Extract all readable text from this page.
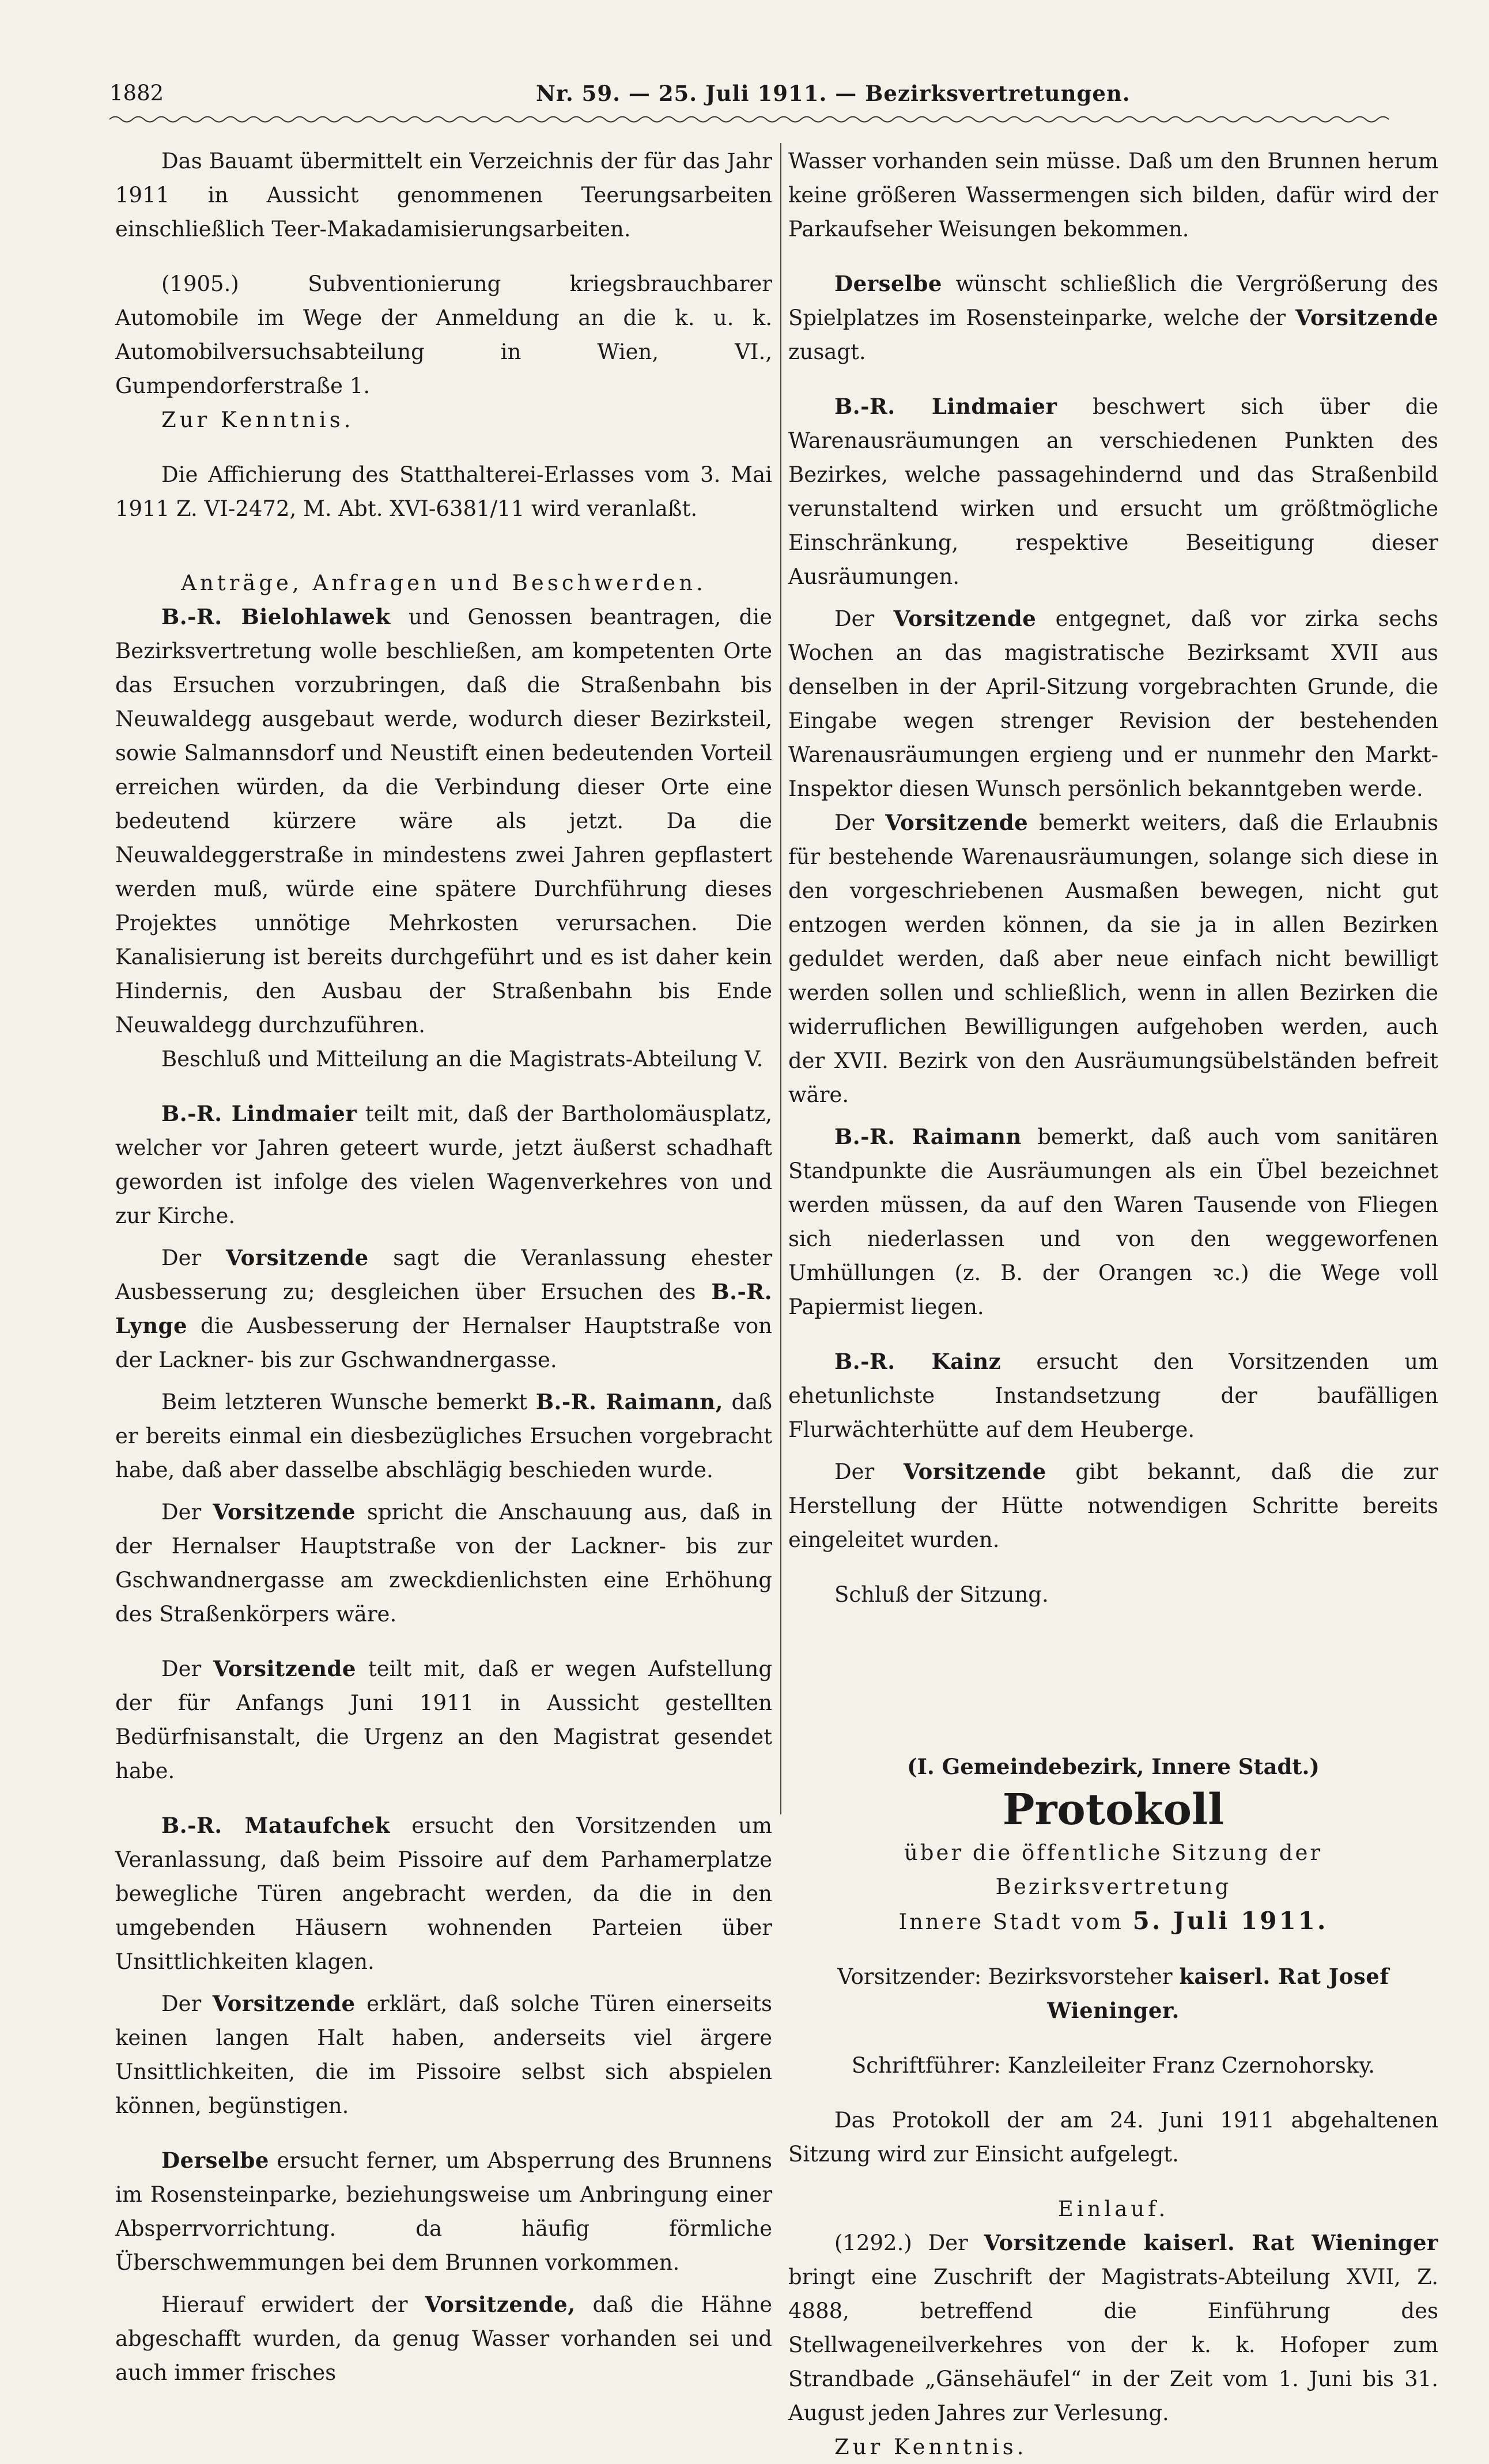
1882	Nr. 59. — 25. Juli 1911. — Bezirksvertretungen.

Das Bauamt übermittelt ein Verzeichnis der für das Jahr 1911 in Aussicht genommenen Teerungsarbeiten einschließlich Teer-Makadamisierungsarbeiten.

(1905.) Subventionierung kriegsbrauchbarer Automobile im Wege der Anmeldung an die k. u. k. Automobilversuchsabteilung in Wien, VI., Gumpendorferstraße 1.

Zur Kenntnis.

Die Affichierung des Statthalterei-Erlasses vom 3. Mai 1911 Z. VI-2472, M. Abt. XVI-6381/11 wird veranlaßt.

Anträge, Anfragen und Beschwerden.

B.-R. Bielohlawek und Genossen beantragen, die Bezirksvertretung wolle beschließen, am kompetenten Orte das Ersuchen vorzubringen, daß die Straßenbahn bis Neuwaldegg ausgebaut werde, wodurch dieser Bezirksteil, sowie Salmannsdorf und Neustift einen bedeutenden Vorteil erreichen würden, da die Verbindung dieser Orte eine bedeutend kürzere wäre als jetzt. Da die Neuwaldeggerstraße in mindestens zwei Jahren gepflastert werden muß, würde eine spätere Durchführung dieses Projektes unnötige Mehrkosten verursachen. Die Kanalisierung ist bereits durchgeführt und es ist daher kein Hindernis, den Ausbau der Straßenbahn bis Ende Neuwaldegg durchzuführen.

Beschluß und Mitteilung an die Magistrats-Abteilung V.

B.-R. Lindmaier teilt mit, daß der Bartholomäusplatz, welcher vor Jahren geteert wurde, jetzt äußerst schadhaft geworden ist infolge des vielen Wagenverkehres von und zur Kirche.

Der Vorsitzende sagt die Veranlassung ehester Ausbesserung zu; desgleichen über Ersuchen des B.-R. Lynge die Ausbesserung der Hernalser Hauptstraße von der Lackner- bis zur Gschwandnergasse.

Beim letzteren Wunsche bemerkt B.-R. Raimann, daß er bereits einmal ein diesbezügliches Ersuchen vorgebracht habe, daß aber dasselbe abschlägig beschieden wurde.

Der Vorsitzende spricht die Anschauung aus, daß in der Hernalser Hauptstraße von der Lackner- bis zur Gschwandnergasse am zweckdienlichsten eine Erhöhung des Straßenkörpers wäre.

Der Vorsitzende teilt mit, daß er wegen Aufstellung der für Anfangs Juni 1911 in Aussicht gestellten Bedürfnisanstalt, die Urgenz an den Magistrat gesendet habe.

B.-R. Mataufchek ersucht den Vorsitzenden um Veranlassung, daß beim Pissoire auf dem Parhamerplatze bewegliche Türen angebracht werden, da die in den umgebenden Häusern wohnenden Parteien über Unsittlichkeiten klagen.

Der Vorsitzende erklärt, daß solche Türen einerseits keinen langen Halt haben, anderseits viel ärgere Unsittlichkeiten, die im Pissoire selbst sich abspielen können, begünstigen.

Derselbe ersucht ferner, um Absperrung des Brunnens im Rosensteinparke, beziehungsweise um Anbringung einer Absperrvorrichtung. da häufig förmliche Überschwemmungen bei dem Brunnen vorkommen.

Hierauf erwidert der Vorsitzende, daß die Hähne abgeschafft wurden, da genug Wasser vorhanden sei und auch immer frisches

Wasser vorhanden sein müsse. Daß um den Brunnen herum keine größeren Wassermengen sich bilden, dafür wird der Parkaufseher Weisungen bekommen.

Derselbe wünscht schließlich die Vergrößerung des Spielplatzes im Rosensteinparke, welche der Vorsitzende zusagt.

B.-R. Lindmaier beschwert sich über die Warenausräumungen an verschiedenen Punkten des Bezirkes, welche passagehindernd und das Straßenbild verunstaltend wirken und ersucht um größtmögliche Einschränkung, respektive Beseitigung dieser Ausräumungen.

Der Vorsitzende entgegnet, daß vor zirka sechs Wochen an das magistratische Bezirksamt XVII aus denselben in der April-Sitzung vorgebrachten Grunde, die Eingabe wegen strenger Revision der bestehenden Warenausräumungen ergieng und er nunmehr den Markt-Inspektor diesen Wunsch persönlich bekanntgeben werde.

Der Vorsitzende bemerkt weiters, daß die Erlaubnis für bestehende Warenausräumungen, solange sich diese in den vorgeschriebenen Ausmaßen bewegen, nicht gut entzogen werden können, da sie ja in allen Bezirken geduldet werden, daß aber neue einfach nicht bewilligt werden sollen und schließlich, wenn in allen Bezirken die widerruflichen Bewilligungen aufgehoben werden, auch der XVII. Bezirk von den Ausräumungsübelständen befreit wäre.

B.-R. Raimann bemerkt, daß auch vom sanitären Standpunkte die Ausräumungen als ein Übel bezeichnet werden müssen, da auf den Waren Tausende von Fliegen sich niederlassen und von den weggeworfenen Umhüllungen (z. B. der Orangen ꝛc.) die Wege voll Papiermist liegen.

B.-R. Kainz ersucht den Vorsitzenden um ehetunlichste Instandsetzung der baufälligen Flurwächterhütte auf dem Heuberge.

Der Vorsitzende gibt bekannt, daß die zur Herstellung der Hütte notwendigen Schritte bereits eingeleitet wurden.

Schluß der Sitzung.

(I. Gemeindebezirk, Innere Stadt.)

Protokoll

über die öffentliche Sitzung der Bezirksvertretung

Innere Stadt vom 5. Juli 1911.

Vorsitzender: Bezirksvorsteher kaiserl. Rat Josef Wieninger.

Schriftführer: Kanzleileiter Franz Czernohorsky.

Das Protokoll der am 24. Juni 1911 abgehaltenen Sitzung wird zur Einsicht aufgelegt.

Einlauf.

(1292.) Der Vorsitzende kaiserl. Rat Wieninger bringt eine Zuschrift der Magistrats-Abteilung XVII, Z. 4888, betreffend die Einführung des Stellwageneilverkehres von der k. k. Hofoper zum Strandbade „Gänsehäufel“ in der Zeit vom 1. Juni bis 31. August jeden Jahres zur Verlesung.

Zur Kenntnis.
